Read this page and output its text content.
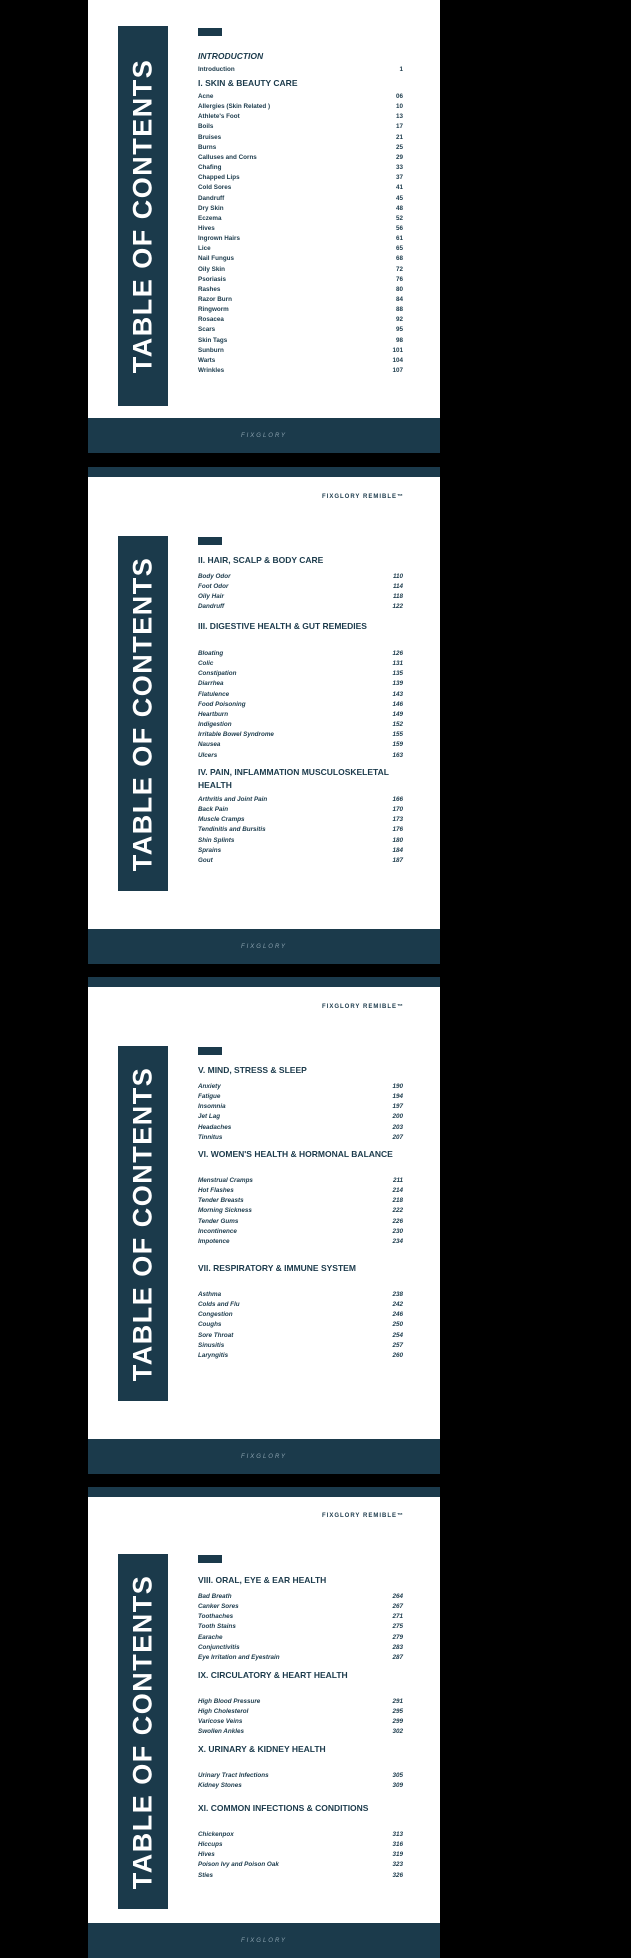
TABLE OF CONTENTS
INTRODUCTION
Introduction	1
I. SKIN & BEAUTY CARE
Acne	06
Allergies (Skin Related )	10
Athlete's Foot	13
Boils	17
Bruises	21
Burns	25
Calluses and Corns	29
Chafing	33
Chapped Lips	37
Cold Sores	41
Dandruff	45
Dry Skin	48
Eczema	52
Hives	56
Ingrown Hairs	61
Lice	65
Nail Fungus	68
Oily Skin	72
Psoriasis	76
Rashes	80
Razor Burn	84
Ringworm	88
Rosacea	92
Scars	95
Skin Tags	98
Sunburn	101
Warts	104
Wrinkles	107
FIXGLORY
FIXGLORY REMIBLE™
TABLE OF CONTENTS	II. HAIR, SCALP & BODY CARE
Body Odor	110
Foot Odor	114
Oily Hair	118
Dandruff	122
III. DIGESTIVE HEALTH & GUT REMEDIES
Bloating	126
Colic	131
Constipation	135
Diarrhea	139
Flatulence	143
Food Poisoning	146
Heartburn	149
Indigestion	152
Irritable Bowel Syndrome	155
Nausea	159
Ulcers	163
IV. PAIN, INFLAMMATION MUSCULOSKELETAL HEALTH
Arthritis and Joint Pain	166
Back Pain	170
Muscle Cramps	173
Tendinitis and Bursitis	176
Shin Splints	180
Sprains	184
Gout	187
FIXGLORY
FIXGLORY REMIBLE™
TABLE OF CONTENTS	V. MIND, STRESS & SLEEP
Anxiety	190
Fatigue	194
Insomnia	197
Jet Lag	200
Headaches	203
Tinnitus	207
VI. WOMEN'S HEALTH & HORMONAL BALANCE
Menstrual Cramps	211
Hot Flashes	214
Tender Breasts	218
Morning Sickness	222
Tender Gums	226
Incontinence	230
Impotence	234
VII. RESPIRATORY & IMMUNE SYSTEM
Asthma	238
Colds and Flu	242
Congestion	246
Coughs	250
Sore Throat	254
Sinusitis	257
Laryngitis	260
FIXGLORY
FIXGLORY REMIBLE™
TABLE OF CONTENTS	VIII. ORAL, EYE & EAR HEALTH
Bad Breath	264
Canker Sores	267
Toothaches	271
Tooth Stains	275
Earache	279
Conjunctivitis	283
Eye Irritation and Eyestrain	287
IX. CIRCULATORY & HEART HEALTH
High Blood Pressure	291
High Cholesterol	295
Varicose Veins	299
Swollen Ankles	302
X. URINARY & KIDNEY HEALTH
Urinary Tract Infections	305
Kidney Stones	309
XI. COMMON INFECTIONS & CONDITIONS
Chickenpox	313
Hiccups	316
Hives	319
Poison Ivy and Poison Oak	323
Sties	326
FIXGLORY
